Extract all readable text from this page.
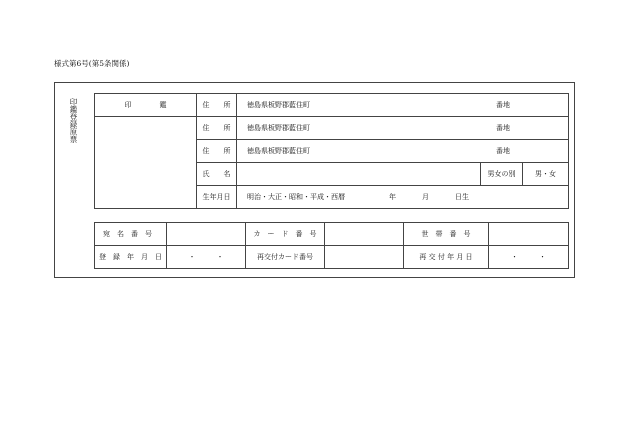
様式第6号(第5条関係)
印鑑登録原票	印　　　　鑑	住　　所	徳島県板野郡藍住町 番地		

	住　　所	徳島県板野郡藍住町 番地		

	住　　所	徳島県板野郡藍住町 番地		

	氏　　名		男女の別	男・女
	生年月日	明治・大正・昭和・平成・西暦 年 月 日生		
宛　名　番　号		カ　ー　ド　番　号		世　帯　番　号	
登　録　年　月　日	・　　　・	再交付カード番号		再 交 付 年 月 日	・　　　・
